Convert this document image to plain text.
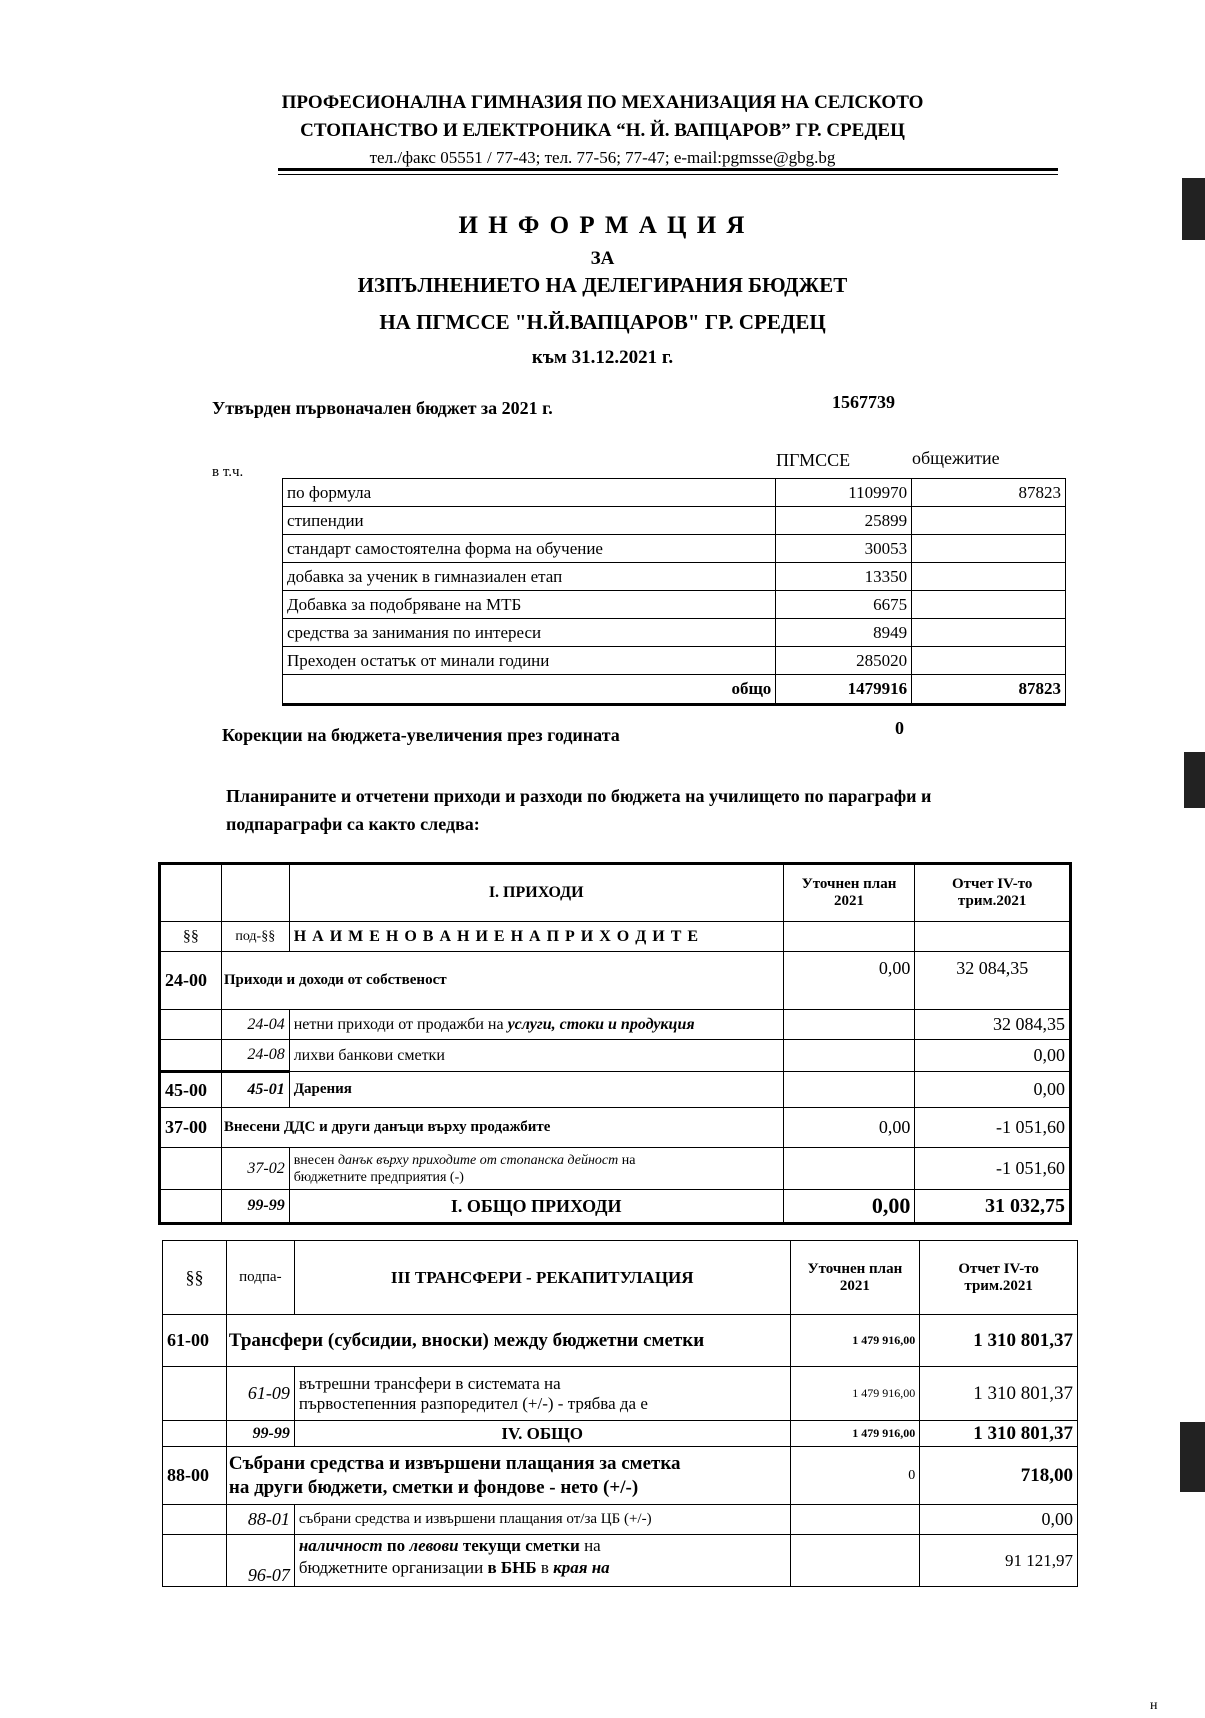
ПРОФЕСИОНАЛНА ГИМНАЗИЯ ПО МЕХАНИЗАЦИЯ НА СЕЛСКОТО
СТОПАНСТВО И ЕЛЕКТРОНИКА “Н. Й. ВАПЦАРОВ” ГР. СРЕДЕЦ
тел./факс 05551 / 77-43; тел. 77-56; 77-47; e-mail:pgmsse@gbg.bg
И Н Ф О Р М А Ц И Я
ЗА
ИЗПЪЛНЕНИЕТО НА ДЕЛЕГИРАНИЯ БЮДЖЕТ
НА ПГМССЕ "Н.Й.ВАПЦАРОВ" ГР. СРЕДЕЦ
към 31.12.2021 г.
Утвърден първоначален бюджет за 2021 г.	1567739
в т.ч.
ПГМССЕ	общежитие
по формула	1109970	87823
стипендии	25899	
стандарт самостоятелна форма на обучение	30053	
добавка за ученик в гимназиален етап	13350	
Добавка за подобряване на МТБ	6675	
средства за занимания по интереси	8949	
Преходен остатък от минали години	285020	
общо	1479916	87823
Корекции на бюджета-увеличения през годината	0
Планираните и отчетени приходи и разходи по бюджета на училището по параграфи и
подпараграфи са както следва:
		I. ПРИХОДИ	Уточнен план 2021	Отчет IV-то трим.2021
§§	под-§§	Н А И М Е Н О В А Н И Е Н А П Р И Х О Д И Т Е		
24-00	Приходи и доходи от собственост		0,00	32 084,35
	24-04	нетни приходи от продажби на услуги, стоки и продукция		32 084,35
	24-08	лихви банкови сметки		0,00
45-00	45-01	Дарения		0,00
37-00	Внесени ДДС и други данъци върху продажбите		0,00	-1 051,60
	37-02	внесен данък върху приходите от стопанска дейност на
бюджетните предприятия (-)		-1 051,60
	99-99	I. ОБЩО ПРИХОДИ	0,00	31 032,75
§§	подпа-	III ТРАНСФЕРИ - РЕКАПИТУЛАЦИЯ	Уточнен план 2021	Отчет IV-то трим.2021
61-00	Трансфери (субсидии, вноски) между бюджетни сметки		1 479 916,00	1 310 801,37
	61-09	вътрешни трансфери в системата на
първостепенния разпоредител (+/-) - трябва да е	1 479 916,00	1 310 801,37
	99-99	IV. ОБЩО	1 479 916,00	1 310 801,37
88-00	Събрани средства и извършени плащания за сметка
на други бюджети, сметки и фондове - нето (+/-)		0	718,00
	88-01	събрани средства и извършени плащания от/за ЦБ (+/-)		0,00
	96-07	наличност по левови текущи сметки на
бюджетните организации в БНБ в края на		91 121,97
н
